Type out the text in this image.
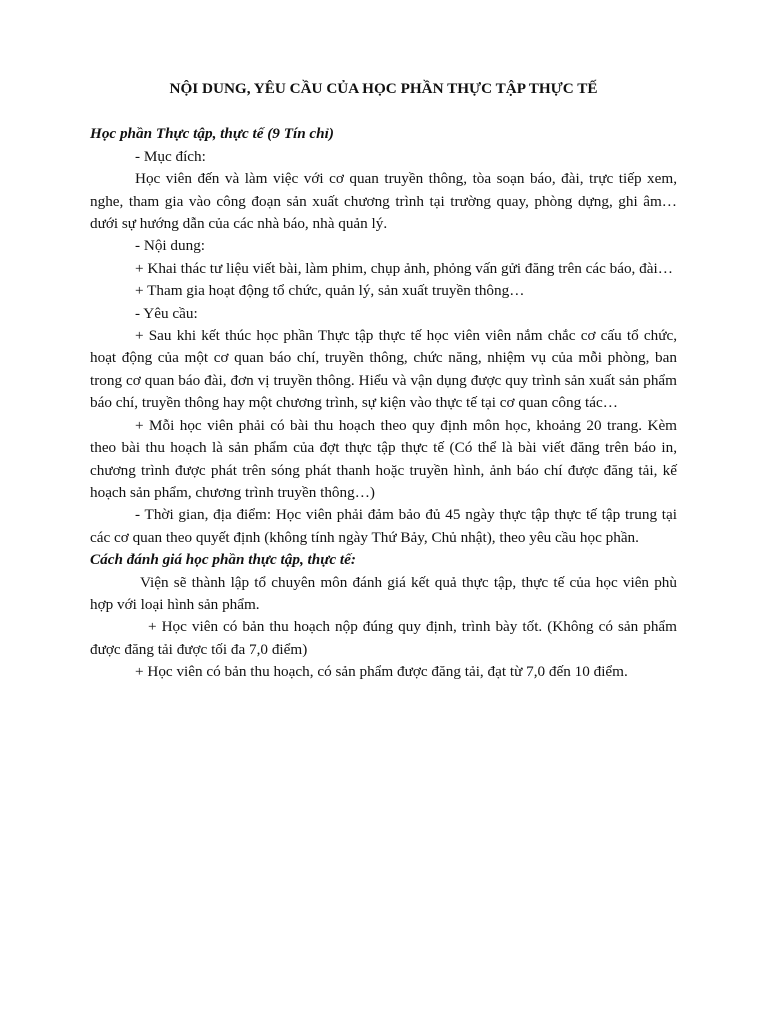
NỘI DUNG, YÊU CẦU CỦA HỌC PHẦN THỰC TẬP THỰC TẾ

Học phần Thực tập, thực tế (9 Tín chỉ)

- Mục đích:

Học viên đến và làm việc với cơ quan truyền thông, tòa soạn báo, đài, trực tiếp xem, nghe, tham gia vào công đoạn sản xuất chương trình tại trường quay, phòng dựng, ghi âm… dưới sự hướng dẫn của các nhà báo, nhà quản lý.

- Nội dung:

+ Khai thác tư liệu viết bài, làm phim, chụp ảnh, phỏng vấn gửi đăng trên các báo, đài…

+ Tham gia hoạt động tổ chức, quản lý, sản xuất truyền thông…

- Yêu cầu:

+ Sau khi kết thúc học phần Thực tập thực tế học viên viên nắm chắc cơ cấu tổ chức, hoạt động của một cơ quan báo chí, truyền thông, chức năng, nhiệm vụ của mỗi phòng, ban trong cơ quan báo đài, đơn vị truyền thông. Hiểu và vận dụng được quy trình sản xuất sản phẩm báo chí, truyền thông hay một chương trình, sự kiện vào thực tế tại cơ quan công tác…

+ Mỗi học viên phải có bài thu hoạch theo quy định môn học, khoảng 20 trang. Kèm theo bài thu hoạch là sản phẩm của đợt thực tập thực tế (Có thể là bài viết đăng trên báo in, chương trình được phát trên sóng phát thanh hoặc truyền hình, ảnh báo chí được đăng tải, kế hoạch sản phẩm, chương trình truyền thông…)

- Thời gian, địa điểm: Học viên phải đảm bảo đủ 45 ngày thực tập thực tế tập trung tại các cơ quan theo quyết định (không tính ngày Thứ Bảy, Chủ nhật), theo yêu cầu học phần.

Cách đánh giá học phần thực tập, thực tế:

Viện sẽ thành lập tổ chuyên môn đánh giá kết quả thực tập, thực tế của học viên phù hợp với loại hình sản phẩm.

+ Học viên có bản thu hoạch nộp đúng quy định, trình bày tốt. (Không có sản phẩm được đăng tải được tối đa 7,0 điểm)

+ Học viên có bản thu hoạch, có sản phẩm được đăng tải, đạt từ 7,0 đến 10 điểm.
